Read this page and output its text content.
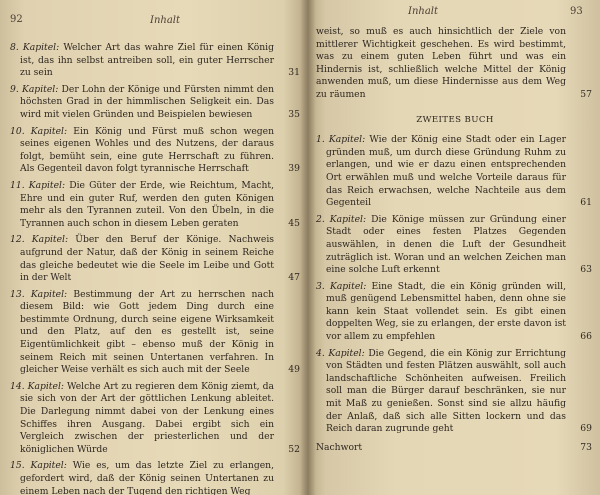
92	Inhalt
8. Kapitel: Welcher Art das wahre Ziel für einen König ist, das ihn selbst antreiben soll, ein guter Herrscher zu sein	31
9. Kapitel: Der Lohn der Könige und Fürsten nimmt den höchsten Grad in der himmlischen Seligkeit ein. Das wird mit vielen Gründen und Beispielen bewiesen	35
10. Kapitel: Ein König und Fürst muß schon wegen seines eigenen Wohles und des Nutzens, der daraus folgt, bemüht sein, eine gute Herrschaft zu führen. Als Gegenteil davon folgt tyrannische Herrschaft	39
11. Kapitel: Die Güter der Erde, wie Reichtum, Macht, Ehre und ein guter Ruf, werden den guten Königen mehr als den Tyrannen zuteil. Von den Übeln, in die Tyrannen auch schon in diesem Leben geraten	45
12. Kapitel: Über den Beruf der Könige. Nachweis aufgrund der Natur, daß der König in seinem Reiche das gleiche bedeutet wie die Seele im Leibe und Gott in der Welt	47
13. Kapitel: Bestimmung der Art zu herrschen nach diesem Bild: wie Gott jedem Ding durch eine bestimmte Ordnung, durch seine eigene Wirksamkeit und den Platz, auf den es gestellt ist, seine Eigentümlichkeit gibt – ebenso muß der König in seinem Reich mit seinen Untertanen verfahren. In gleicher Weise verhält es sich auch mit der Seele	49
14. Kapitel: Welche Art zu regieren dem König ziemt, da sie sich von der Art der göttlichen Lenkung ableitet. Die Darlegung nimmt dabei von der Lenkung eines Schiffes ihren Ausgang. Dabei ergibt sich ein Vergleich zwischen der priesterlichen und der königlichen Würde	52
15. Kapitel: Wie es, um das letzte Ziel zu erlangen, gefordert wird, daß der König seinen Untertanen zu einem Leben nach der Tugend den richtigen Weg
Inhalt	93
weist, so muß es auch hinsichtlich der Ziele von mittlerer Wichtigkeit geschehen. Es wird bestimmt, was zu einem guten Leben führt und was ein Hindernis ist, schließlich welche Mittel der König anwenden muß, um diese Hindernisse aus dem Weg zu räumen	57
ZWEITES BUCH
1. Kapitel: Wie der König eine Stadt oder ein Lager gründen muß, um durch diese Gründung Ruhm zu erlangen, und wie er dazu einen entsprechenden Ort erwählen muß und welche Vorteile daraus für das Reich erwachsen, welche Nachteile aus dem Gegenteil	61
2. Kapitel: Die Könige müssen zur Gründung einer Stadt oder eines festen Platzes Gegenden auswählen, in denen die Luft der Gesundheit zuträglich ist. Woran und an welchen Zeichen man eine solche Luft erkennt	63
3. Kapitel: Eine Stadt, die ein König gründen will, muß genügend Lebensmittel haben, denn ohne sie kann kein Staat vollendet sein. Es gibt einen doppelten Weg, sie zu erlangen, der erste davon ist vor allem zu empfehlen	66
4. Kapitel: Die Gegend, die ein König zur Errichtung von Städten und festen Plätzen auswählt, soll auch landschaftliche Schönheiten aufweisen. Freilich soll man die Bürger darauf beschränken, sie nur mit Maß zu genießen. Sonst sind sie allzu häufig der Anlaß, daß sich alle Sitten lockern und das Reich daran zugrunde geht	69
Nachwort	73
